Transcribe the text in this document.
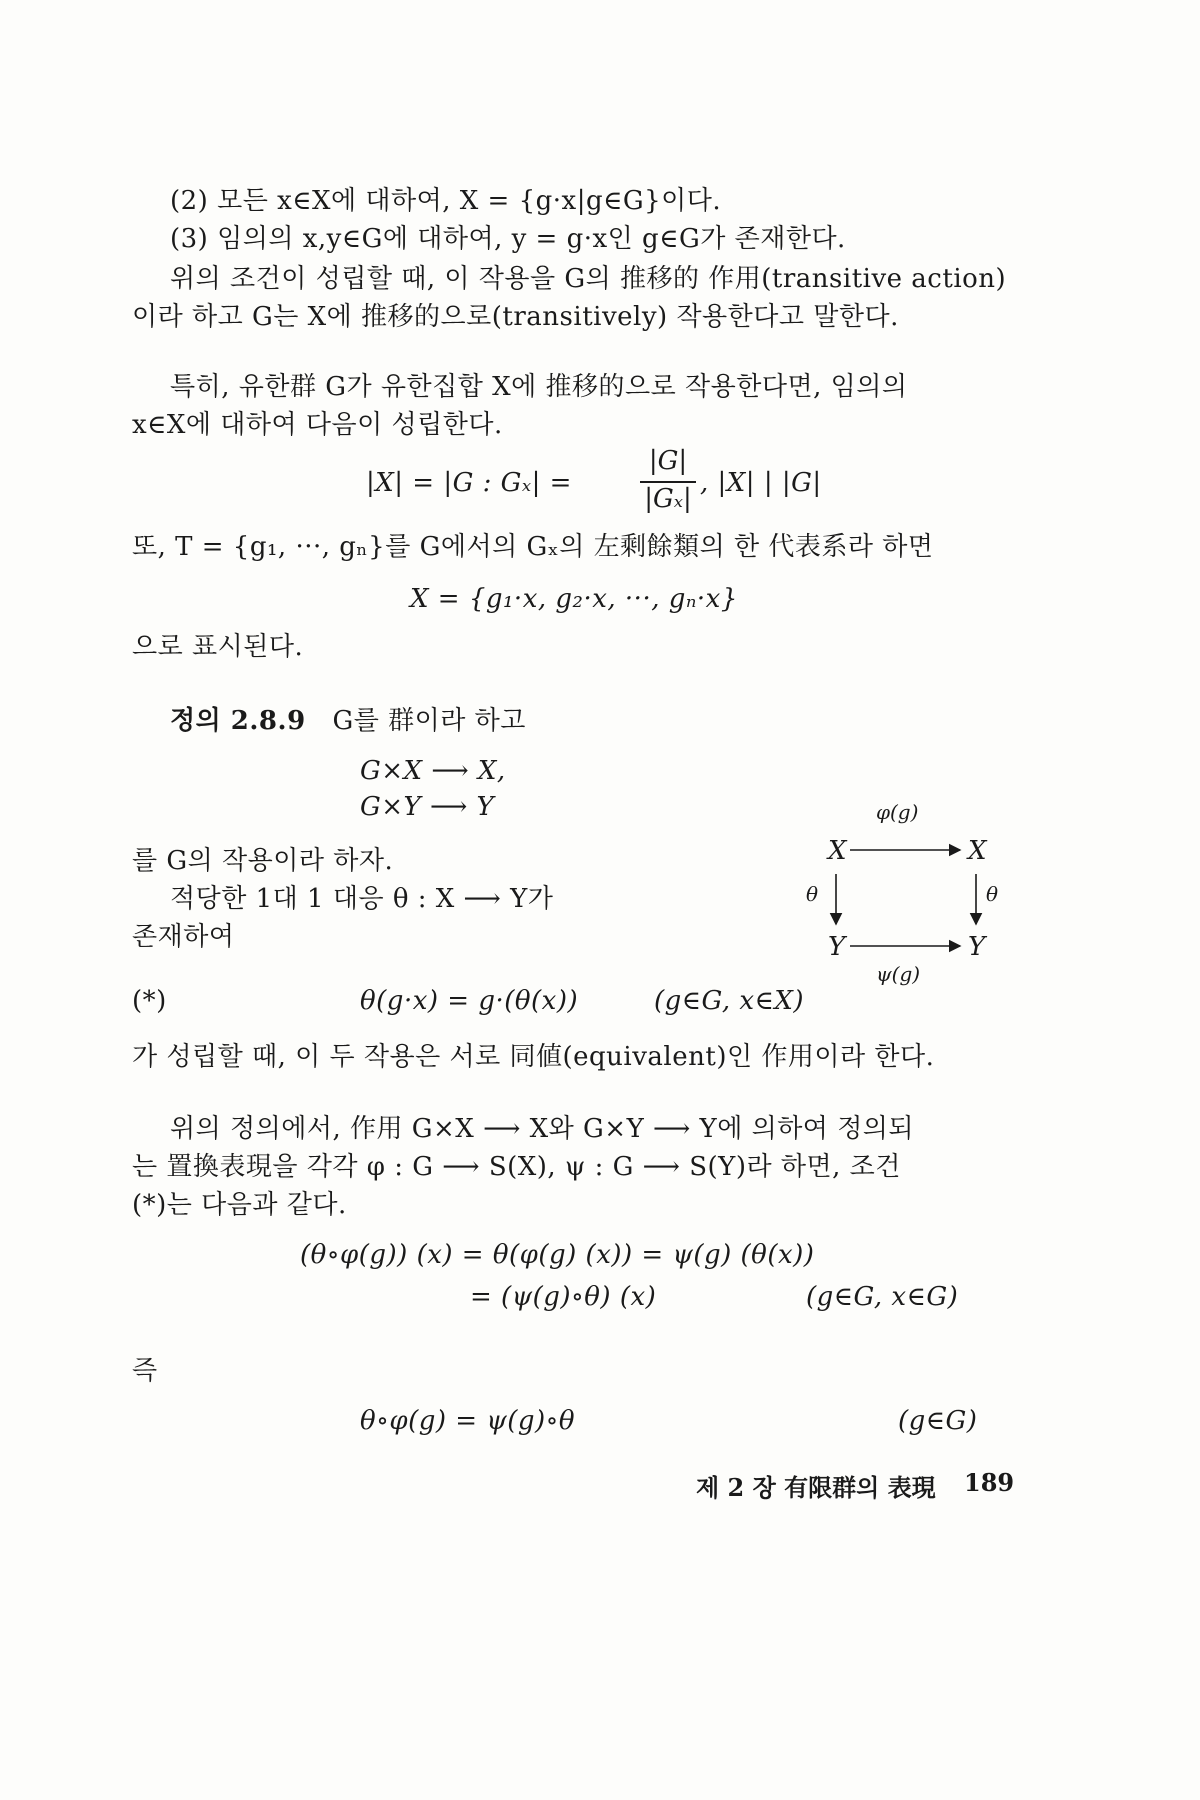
(2) 모든 x∈X에 대하여, X = {g·x|g∈G}이다.
(3) 임의의 x,y∈G에 대하여, y = g·x인 g∈G가 존재한다.
위의 조건이 성립할 때, 이 작용을 G의 推移的 作用(transitive action)
이라 하고 G는 X에 推移的으로(transitively) 작용한다고 말한다.
특히, 유한群 G가 유한집합 X에 推移的으로 작용한다면, 임의의
x∈X에 대하여 다음이 성립한다.
|X| = |G : Gₓ| =
|G|
|Gₓ|
, |X| | |G|
또, T = {g₁, ···, gₙ}를 G에서의 Gₓ의 左剩餘類의 한 代表系라 하면
X = {g₁·x, g₂·x, ···, gₙ·x}
으로 표시된다.
정의 2.8.9 G를 群이라 하고
G×X ⟶ X,
G×Y ⟶ Y
를 G의 작용이라 하자.
적당한 1대 1 대응 θ : X ⟶ Y가
존재하여
X	X
Y	Y
φ(g)
ψ(g)
θ	θ
(*)	θ(g·x) = g·(θ(x))	(g∈G, x∈X)
가 성립할 때, 이 두 작용은 서로 同値(equivalent)인 作用이라 한다.
위의 정의에서, 作用 G×X ⟶ X와 G×Y ⟶ Y에 의하여 정의되
는 置換表現을 각각 φ : G ⟶ S(X), ψ : G ⟶ S(Y)라 하면, 조건
(*)는 다음과 같다.
(θ∘φ(g)) (x) = θ(φ(g) (x)) = ψ(g) (θ(x))
= (ψ(g)∘θ) (x)	(g∈G, x∈G)
즉
θ∘φ(g) = ψ(g)∘θ	(g∈G)
제 2 장 有限群의 表現 189
